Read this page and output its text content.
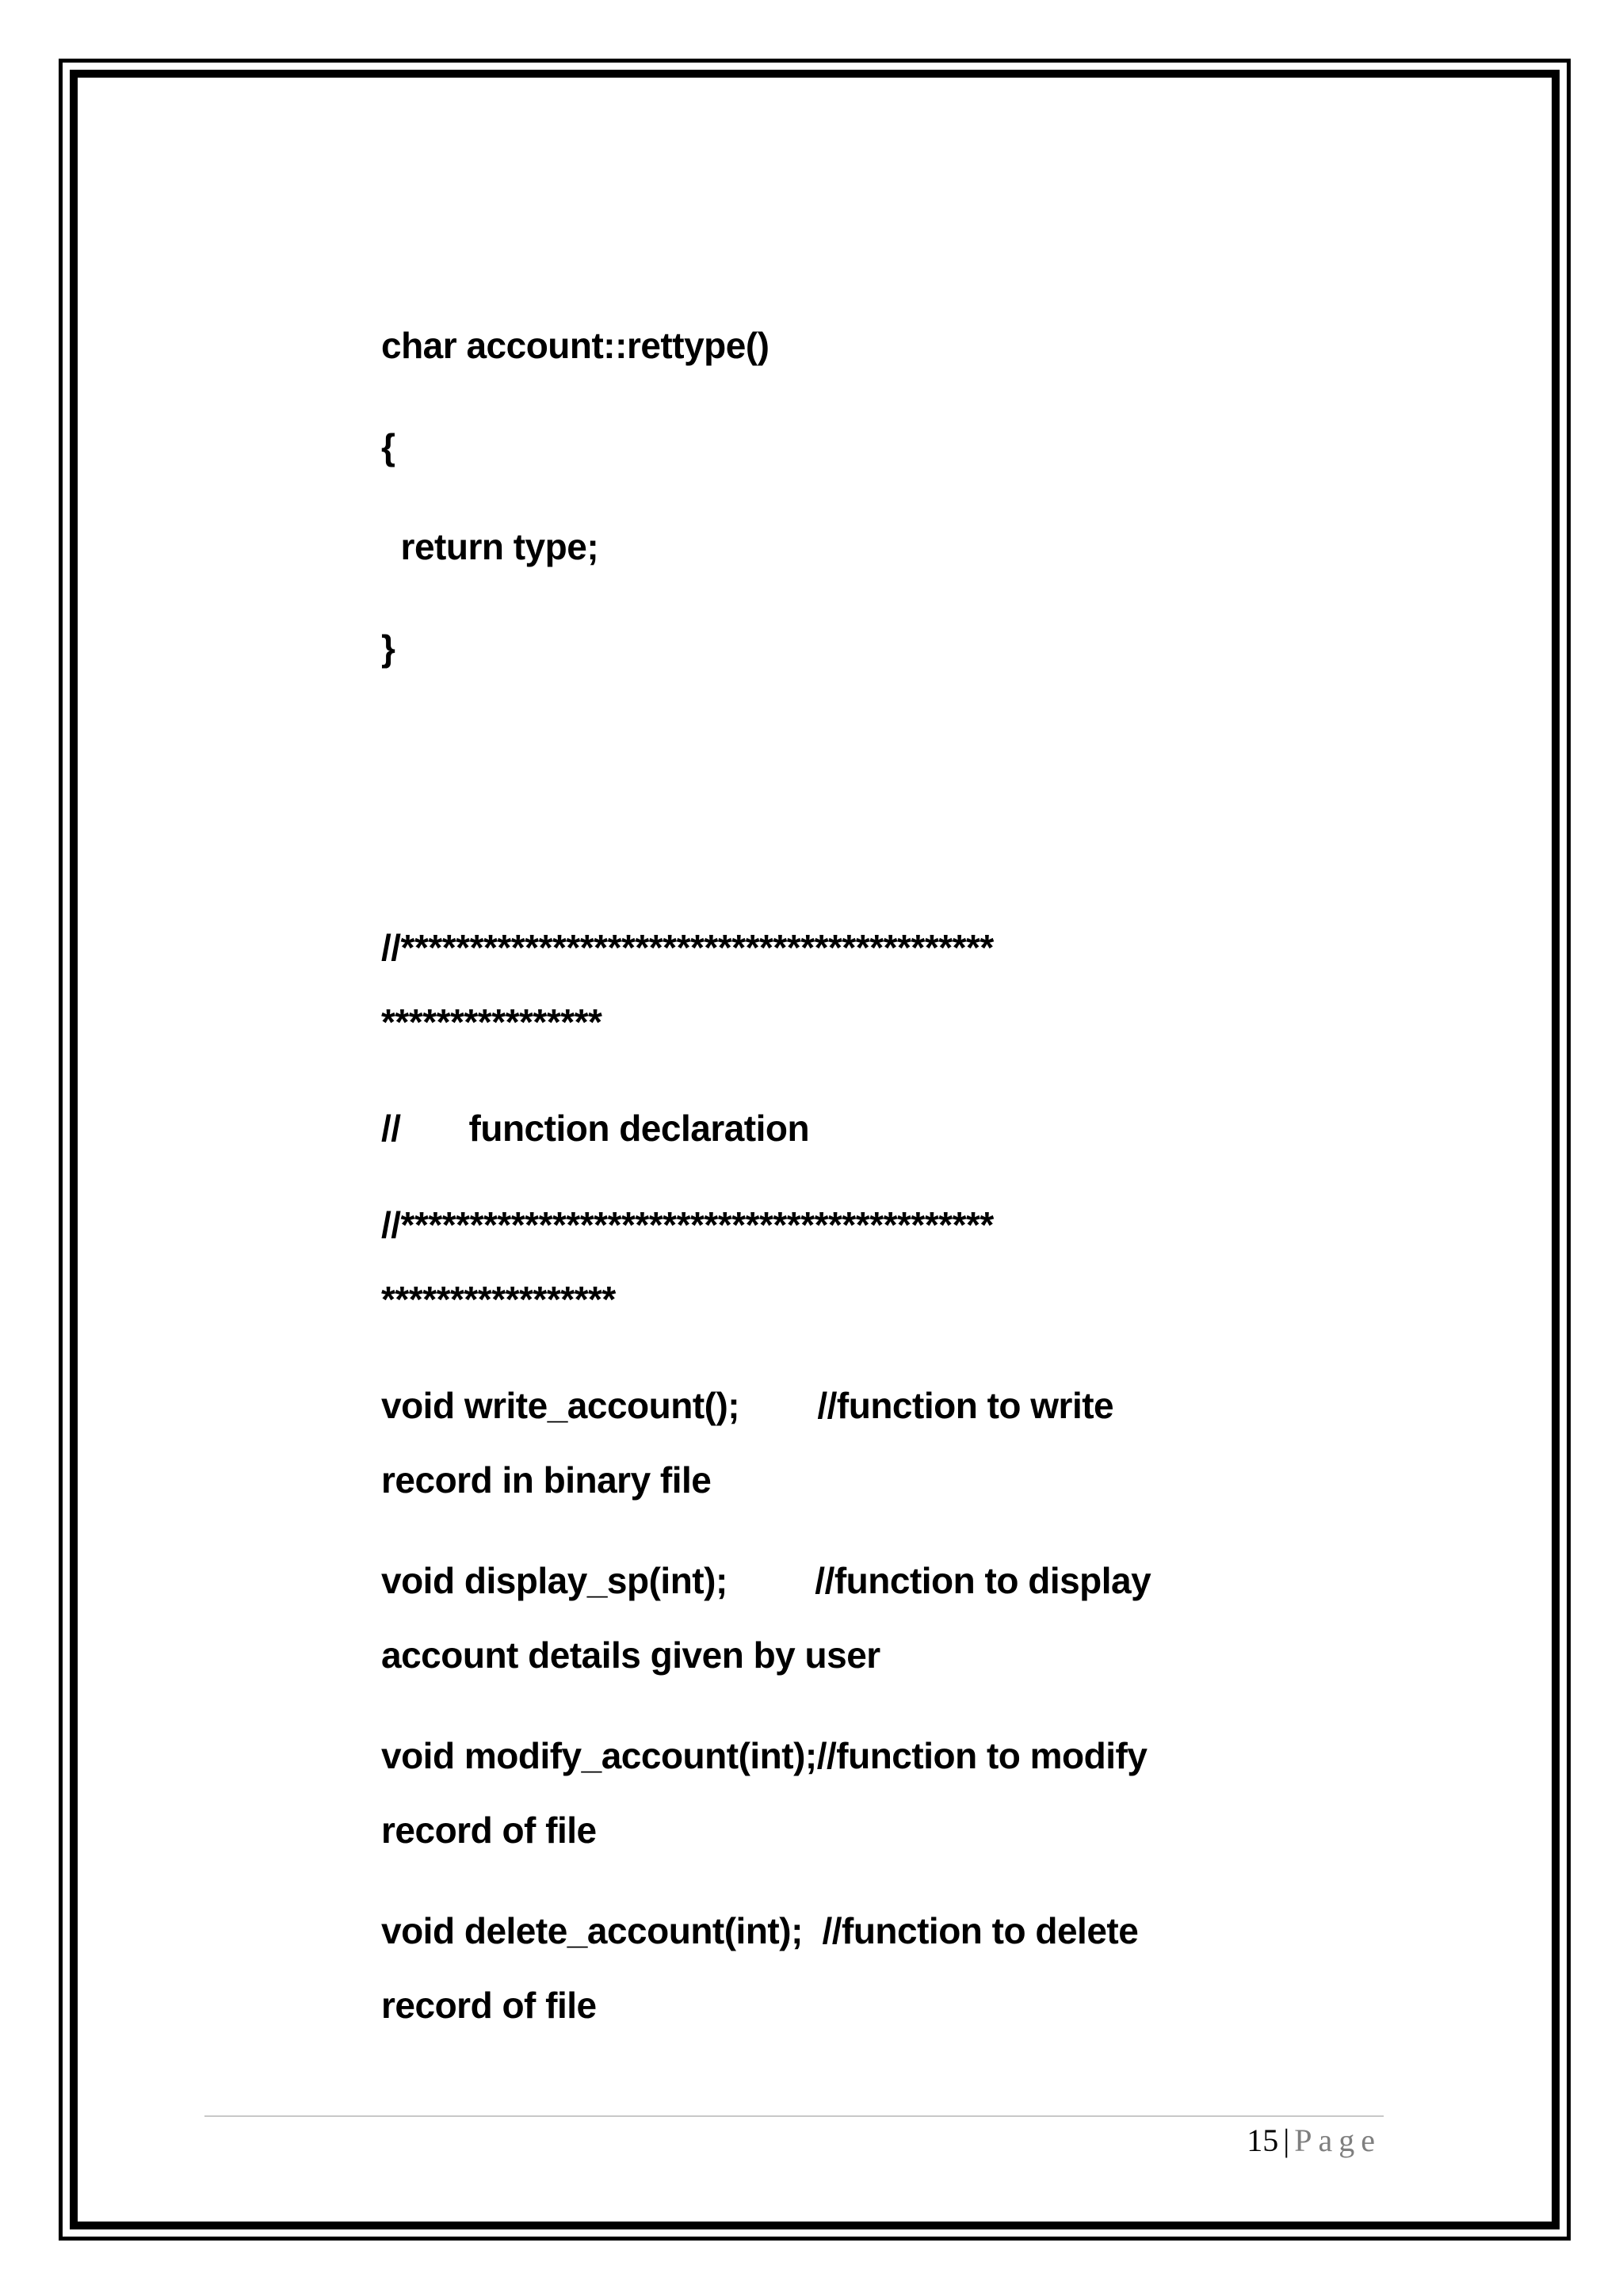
char account::rettype()
{
return type;
}
//*******************************************
****************
//       function declaration
//*******************************************
*****************
void write_account();        //function to write
record in binary file
void display_sp(int);         //function to display
account details given by user
void modify_account(int);//function to modify
record of file
void delete_account(int);  //function to delete
record of file
15 | Page
